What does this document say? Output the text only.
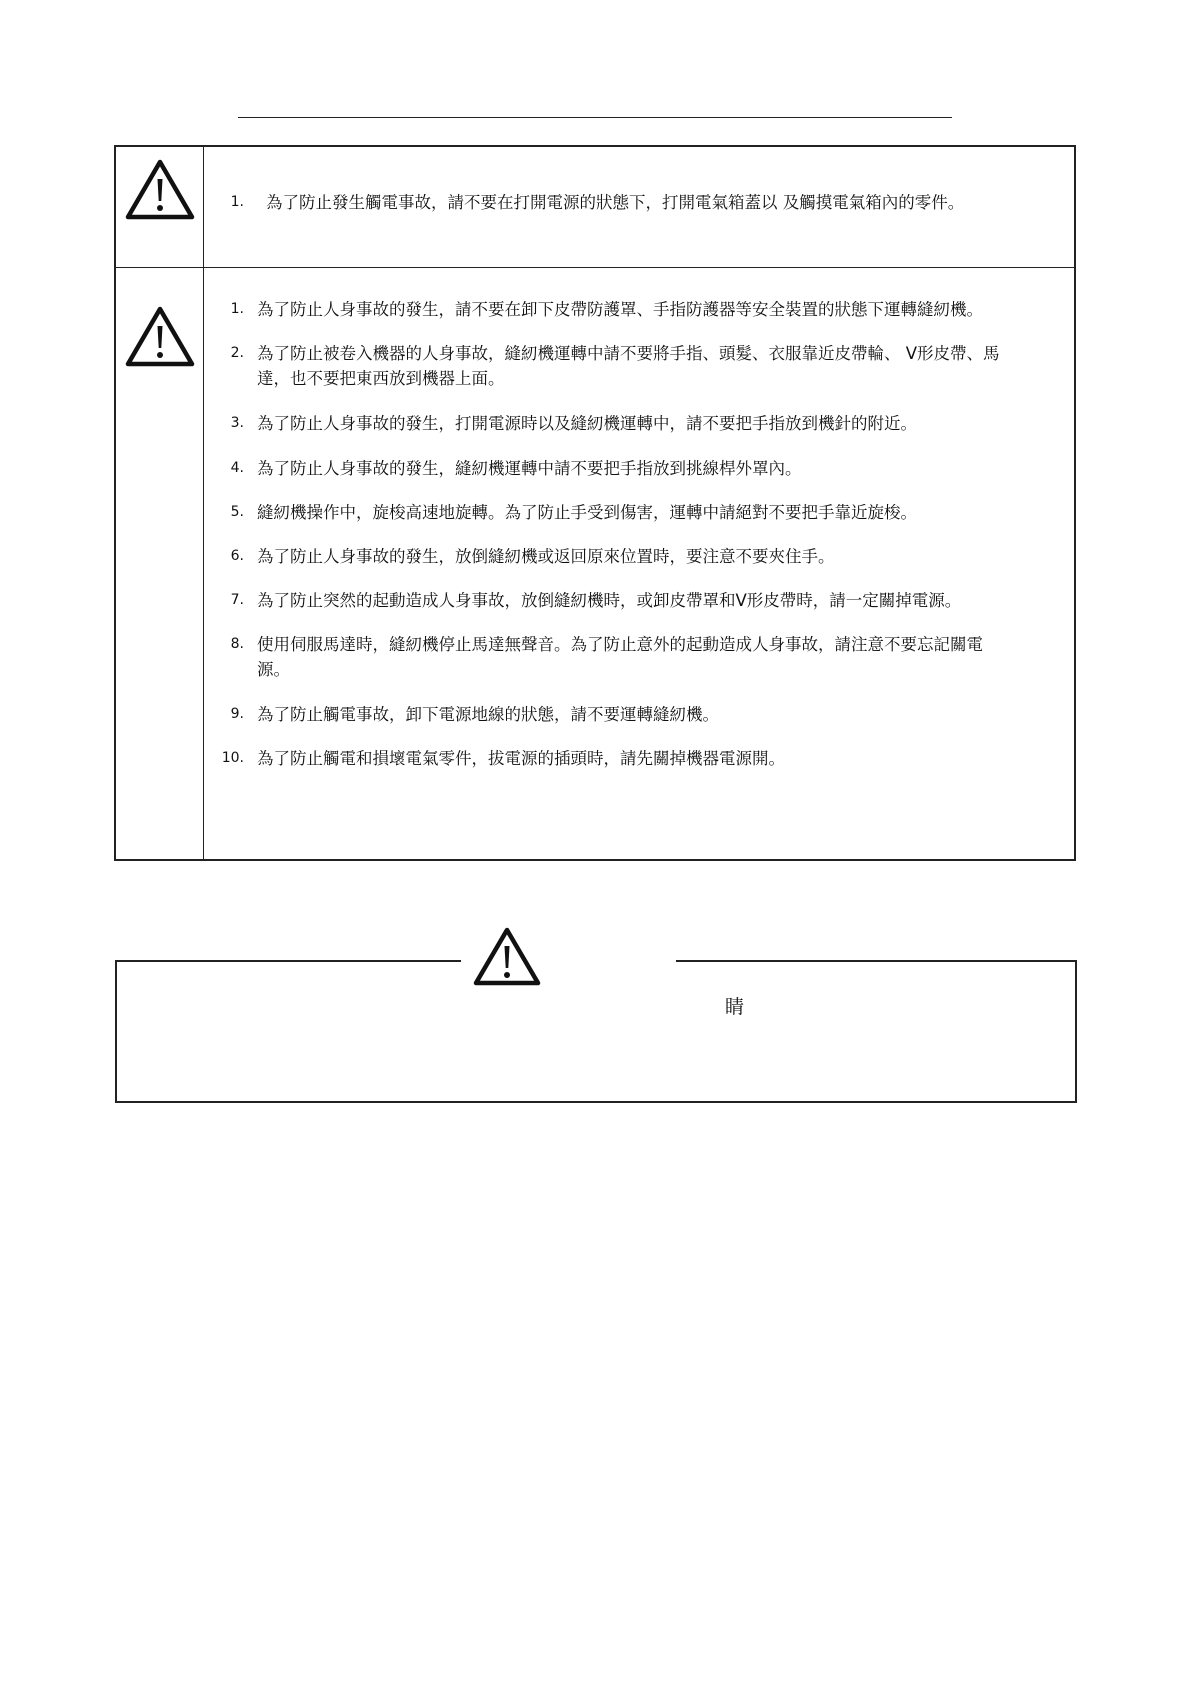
1. 為了防止發生觸電事故，請不要在打開電源的狀態下，打開電氣箱蓋以 及觸摸電氣箱內的零件。
1. 為了防止人身事故的發生，請不要在卸下皮帶防護罩、手指防護器等安全裝置的狀態下運轉縫紉機。
2. 為了防止被卷入機器的人身事故，縫紉機運轉中請不要將手指、頭髮、衣服靠近皮帶輪、 V形皮帶、馬
達，也不要把東西放到機器上面。
3. 為了防止人身事故的發生，打開電源時以及縫紉機運轉中，請不要把手指放到機針的附近。
4. 為了防止人身事故的發生，縫紉機運轉中請不要把手指放到挑線桿外罩內。
5. 縫紉機操作中，旋梭高速地旋轉。為了防止手受到傷害，運轉中請絕對不要把手靠近旋梭。
6. 為了防止人身事故的發生，放倒縫紉機或返回原來位置時，要注意不要夾住手。
7. 為了防止突然的起動造成人身事故，放倒縫紉機時，或卸皮帶罩和V形皮帶時，請一定關掉電源。
8. 使用伺服馬達時，縫紉機停止馬達無聲音。為了防止意外的起動造成人身事故，請注意不要忘記關電
源。
9. 為了防止觸電事故，卸下電源地線的狀態，請不要運轉縫紉機。
10. 為了防止觸電和損壞電氣零件，拔電源的插頭時，請先關掉機器電源開。
睛
